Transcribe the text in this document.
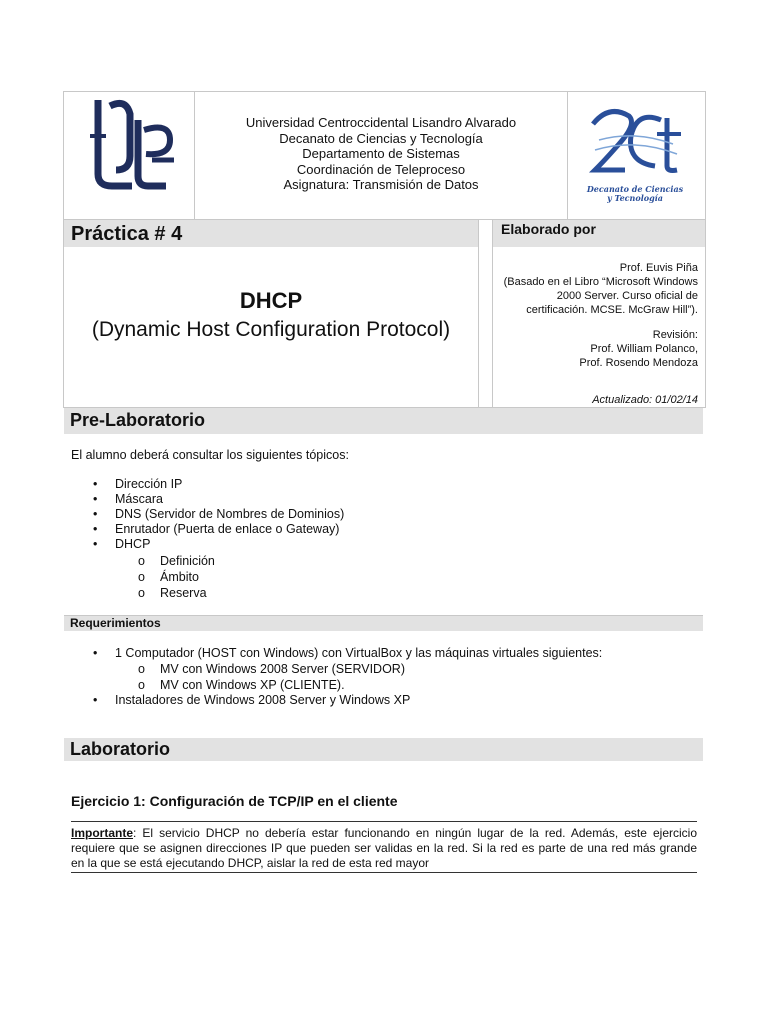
Universidad Centroccidental Lisandro Alvarado
Decanato de Ciencias y Tecnología
Departamento de Sistemas
Coordinación de Teleproceso
Asignatura: Transmisión de Datos	Decanato de Ciencias
y Tecnología
Práctica # 4	Elaborado por
DHCP
(Dynamic Host Configuration Protocol)
Prof. Euvis Piña
(Basado en el Libro “Microsoft Windows 2000 Server. Curso oficial de certificación. MCSE. McGraw Hill”).
Revisión:
Prof. William Polanco,
Prof. Rosendo Mendoza
Actualizado: 01/02/14
Pre-Laboratorio
El alumno deberá consultar los siguientes tópicos:
• Dirección IP
• Máscara
• DNS (Servidor de Nombres de Dominios)
• Enrutador (Puerta de enlace o Gateway)
• DHCP
o Definición
o Ámbito
o Reserva
Requerimientos
• 1 Computador (HOST con Windows) con VirtualBox y las máquinas virtuales siguientes:
o MV con Windows 2008 Server (SERVIDOR)
o MV con Windows XP (CLIENTE).
• Instaladores de Windows 2008 Server y Windows XP
Laboratorio
Ejercicio 1: Configuración de TCP/IP en el cliente
Importante: El servicio DHCP no debería estar funcionando en ningún lugar de la red. Además, este ejercicio requiere que se asignen direcciones IP que pueden ser validas en la red. Si la red es parte de una red más grande en la que se está ejecutando DHCP, aislar la red de esta red mayor
